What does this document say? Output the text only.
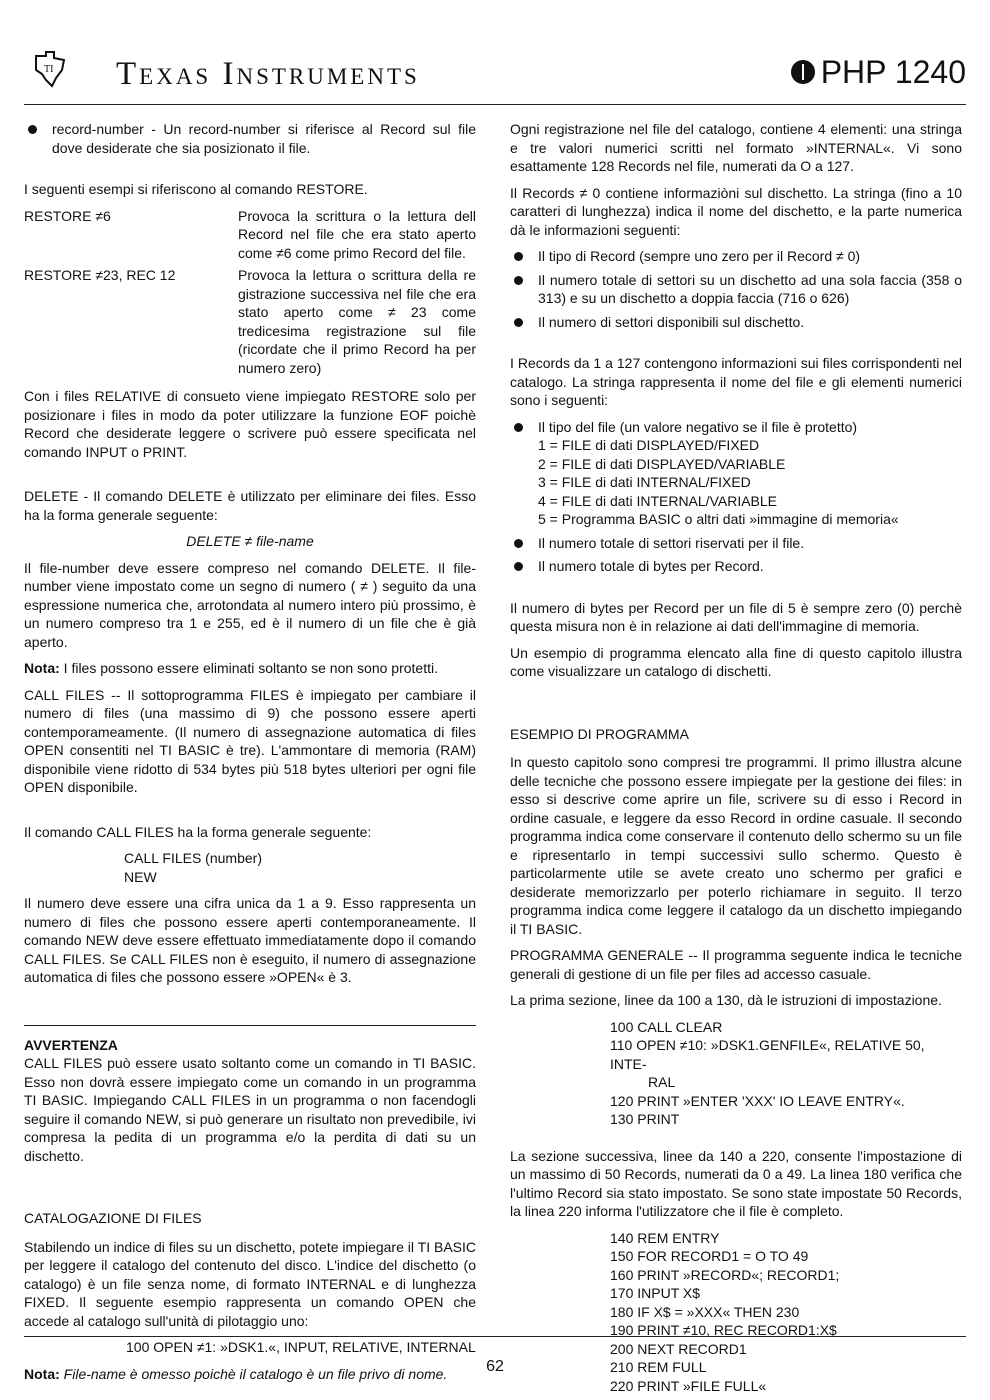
TI Texas Instruments	PHP 1240
record-number - Un record-number si riferisce al Record sul file dove desiderate che sia posizionato il file.

I seguenti esempi si riferiscono al comando RESTORE.

RESTORE ≠6	Provoca la scrittura o la lettura dell Record nel file che era stato aperto come ≠6 come primo Record del file.
RESTORE ≠23, REC 12	Provoca la lettura o scrittura della re gistrazione successiva nel file che era stato aperto come ≠ 23 come tredicesima registrazione sul file (ricordate che il primo Record ha per numero zero)

Con i files RELATIVE di consueto viene impiegato RESTORE solo per posizionare i files in modo da poter utilizzare la funzione EOF poichè Record che desiderate leggere o scrivere può essere specificata nel comando INPUT o PRINT.

DELETE - Il comando DELETE è utilizzato per eliminare dei files. Esso ha la forma generale seguente:

DELETE ≠ file-name

Il file-number deve essere compreso nel comando DELETE. Il file-number viene impostato come un segno di numero ( ≠ ) seguito da una espressione numerica che, arrotondata al numero intero più prossimo, è un numero compreso tra 1 e 255, ed è il numero di un file che è già aperto.

Nota: I files possono essere eliminati soltanto se non sono protetti.

CALL FILES -- Il sottoprogramma FILES è impiegato per cambiare il numero di files (una massimo di 9) che possono essere aperti contemporameamente. (Il numero di assegnazione automatica di files OPEN consentiti nel TI BASIC è tre). L'ammontare di memoria (RAM) disponibile viene ridotto di 534 bytes più 518 bytes ulteriori per ogni file OPEN disponibile.

Il comando CALL FILES ha la forma generale seguente:

CALL FILES (number)

NEW

Il numero deve essere una cifra unica da 1 a 9. Esso rappresenta un numero di files che possono essere aperti contemporaneamente. Il comando NEW deve essere effettuato immediatamente dopo il comando CALL FILES. Se CALL FILES non è eseguito, il numero di assegnazione automatica di files che possono essere »OPEN« è 3.

AVVERTENZA

CALL FILES può essere usato soltanto come un comando in TI BASIC. Esso non dovrà essere impiegato come un comando in un programma TI BASIC. Impiegando CALL FILES in un programma o non facendogli seguire il comando NEW, si può generare un risultato non prevedibile, ivi compresa la pedita di un programma e/o la perdita di dati su un dischetto.

CATALOGAZIONE DI FILES

Stabilendo un indice di files su un dischetto, potete impiegare il TI BASIC per leggere il catalogo del contenuto del disco. L'indice del dischetto (o catalogo) è un file senza nome, di formato INTERNAL e di lunghezza FIXED. Il seguente esempio rappresenta un comando OPEN che accede al catalogo sull'unità di pilotaggio uno:

100 OPEN ≠1: »DSK1.«, INPUT, RELATIVE, INTERNAL

Nota: File-name è omesso poichè il catalogo è un file privo di nome.

Ogni registrazione nel file del catalogo, contiene 4 elementi: una stringa e tre valori numerici scritti nel formato »INTERNAL«. Vi sono esattamente 128 Records nel file, numerati da O a 127.

Il Records ≠ 0 contiene informaziòni sul dischetto. La stringa (fino a 10 caratteri di lunghezza) indica il nome del dischetto, e la parte numerica dà le informazioni seguenti:

Il tipo di Record (sempre uno zero per il Record ≠ 0)
Il numero totale di settori su un dischetto ad una sola faccia (358 o 313) e su un dischetto a doppia faccia (716 o 626)
Il numero di settori disponibili sul dischetto.

I Records da 1 a 127 contengono informazioni sui files corrispondenti nel catalogo. La stringa rappresenta il nome del file e gli elementi numerici sono i seguenti:

Il tipo del file (un valore negativo se il file è protetto)
1 = FILE di dati DISPLAYED/FIXED
2 = FILE di dati DISPLAYED/VARIABLE
3 = FILE di dati INTERNAL/FIXED
4 = FILE di dati INTERNAL/VARIABLE
5 = Programma BASIC o altri dati »immagine di memoria«
Il numero totale di settori riservati per il file.
Il numero totale di bytes per Record.

Il numero di bytes per Record per un file di 5 è sempre zero (0) perchè questa misura non è in relazione ai dati dell'immagine di memoria.

Un esempio di programma elencato alla fine di questo capitolo illustra come visualizzare un catalogo di dischetti.

ESEMPIO DI PROGRAMMA

In questo capitolo sono compresi tre programmi. Il primo illustra alcune delle tecniche che possono essere impiegate per la gestione dei files: in esso si descrive come aprire un file, scrivere su di esso i Record in ordine casuale, e leggere da esso Record in ordine casuale. Il secondo programma indica come conservare il contenuto dello schermo su un file e ripresentarlo in tempi successivi sullo schermo. Questo è particolarmente utile se avete creato uno schermo per grafici e desiderate memorizzarlo per poterlo richiamare in seguito. Il terzo programma indica come leggere il catalogo da un dischetto impiegando il TI BASIC.

PROGRAMMA GENERALE -- Il programma seguente indica le tecniche generali di gestione di un file per files ad accesso casuale.

La prima sezione, linee da 100 a 130, dà le istruzioni di impostazione.

100 CALL CLEAR
110 OPEN ≠10: »DSK1.GENFILE«, RELATIVE 50, INTE-
RAL
120 PRINT »ENTER 'XXX' IO LEAVE ENTRY«.
130 PRINT

La sezione successiva, linee da 140 a 220, consente l'impostazione di un massimo di 50 Records, numerati da 0 a 49. La linea 180 verifica che l'ultimo Record sia stato impostato. Se sono state impostate 50 Records, la linea 220 informa l'utilizzatore che il file è completo.

140 REM ENTRY
150 FOR RECORD1 = O TO 49
160 PRINT »RECORD«; RECORD1;
170 INPUT X$
180 IF X$ = »XXX« THEN 230
190 PRINT ≠10, REC RECORD1:X$
200 NEXT RECORD1
210 REM FULL
220 PRINT »FILE FULL«
62
